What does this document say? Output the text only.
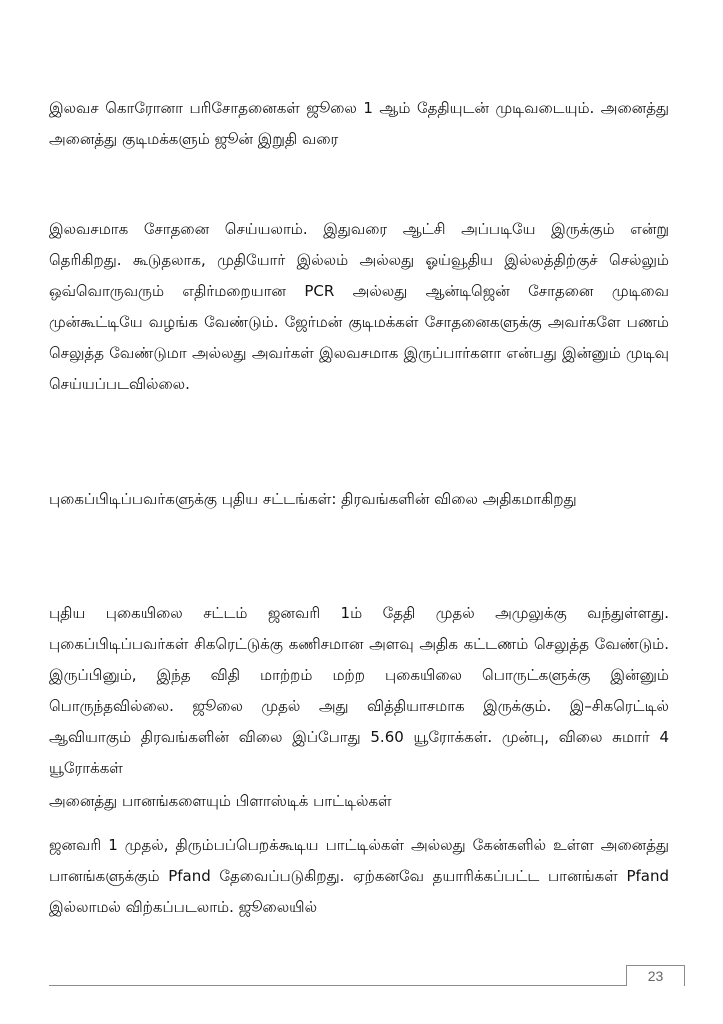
இலவச கொரோனா பரிசோதனைகள் ஜூலை 1 ஆம் தேதியுடன் முடிவடையும். அனைத்து அனைத்து குடிமக்களும் ஜூன் இறுதி வரை
இலவசமாக சோதனை செய்யலாம். இதுவரை ஆட்சி அப்படியே இருக்கும் என்று தெரிகிறது. கூடுதலாக, முதியோர் இல்லம் அல்லது ஓய்வூதிய இல்லத்திற்குச் செல்லும் ஒவ்வொருவரும் எதிர்மறையான PCR அல்லது ஆன்டிஜென் சோதனை முடிவை முன்கூட்டியே வழங்க வேண்டும். ஜேர்மன் குடிமக்கள் சோதனைகளுக்கு அவர்களே பணம் செலுத்த வேண்டுமா அல்லது அவர்கள் இலவசமாக இருப்பார்களா என்பது இன்னும் முடிவு செய்யப்படவில்லை.
புகைப்பிடிப்பவர்களுக்கு புதிய சட்டங்கள்: திரவங்களின் விலை அதிகமாகிறது
புதிய புகையிலை சட்டம் ஜனவரி 1ம் தேதி முதல் அமுலுக்கு வந்துள்ளது. புகைப்பிடிப்பவர்கள் சிகரெட்டுக்கு கணிசமான அளவு அதிக கட்டணம் செலுத்த வேண்டும். இருப்பினும், இந்த விதி மாற்றம் மற்ற புகையிலை பொருட்களுக்கு இன்னும் பொருந்தவில்லை. ஜூலை முதல் அது வித்தியாசமாக இருக்கும். இ–சிகரெட்டில் ஆவியாகும் திரவங்களின் விலை இப்போது 5.60 யூரோக்கள். முன்பு, விலை சுமார் 4 யூரோக்கள்
அனைத்து பானங்களையும் பிளாஸ்டிக் பாட்டில்கள்
ஜனவரி 1 முதல், திரும்பப்பெறக்கூடிய பாட்டில்கள் அல்லது கேன்களில் உள்ள அனைத்து பானங்களுக்கும் Pfand தேவைப்படுகிறது. ஏற்கனவே தயாரிக்கப்பட்ட பானங்கள் Pfand இல்லாமல் விற்கப்படலாம். ஜூலையில்
23
